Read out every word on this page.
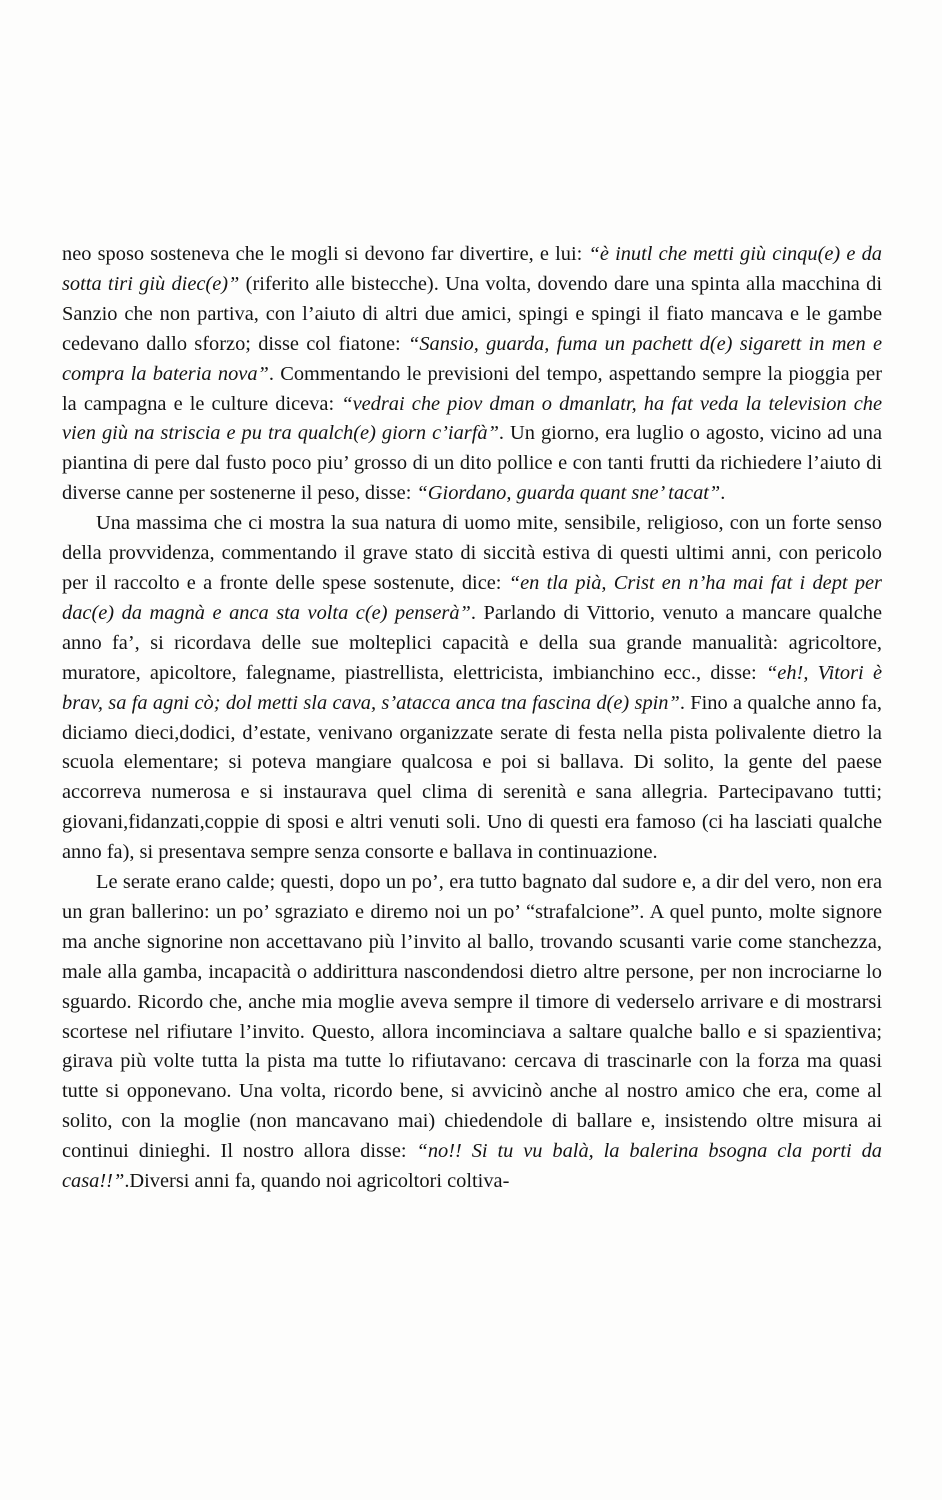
neo sposo sosteneva che le mogli si devono far divertire, e lui: “è inutl che metti giù cinqu(e) e da sotta tiri giù diec(e)” (riferito alle bistecche). Una volta, dovendo dare una spinta alla macchina di Sanzio che non partiva, con l’aiuto di altri due amici, spingi e spingi il fiato mancava e le gambe cedevano dallo sforzo; disse col fiatone: “Sansio, guarda, fuma un pachett d(e) sigarett in men e compra la bateria nova”. Commentando le previsioni del tempo, aspettando sempre la pioggia per la campagna e le culture diceva: “vedrai che piov dman o dmanlatr, ha fat veda la television che vien giù na striscia e pu tra qualch(e) giorn c’iarfà”. Un giorno, era luglio o agosto, vicino ad una piantina di pere dal fusto poco piu’ grosso di un dito pollice e con tanti frutti da richiedere l’aiuto di diverse canne per sostenerne il peso, disse: “Giordano, guarda quant sne’ tacat”.

Una massima che ci mostra la sua natura di uomo mite, sensibile, religioso, con un forte senso della provvidenza, commentando il grave stato di siccità estiva di questi ultimi anni, con pericolo per il raccolto e a fronte delle spese sostenute, dice: “en tla pià, Crist en n’ha mai fat i dept per dac(e) da magnà e anca sta volta c(e) penserà”. Parlando di Vittorio, venuto a mancare qualche anno fa’, si ricordava delle sue molteplici capacità e della sua grande manualità: agricoltore, muratore, apicoltore, falegname, piastrellista, elettricista, imbianchino ecc., disse: “eh!, Vitori è brav, sa fa agni cò; dol metti sla cava, s’atacca anca tna fascina d(e) spin”. Fino a qualche anno fa, diciamo dieci,dodici, d’estate, venivano organizzate serate di festa nella pista polivalente dietro la scuola elementare; si poteva mangiare qualcosa e poi si ballava. Di solito, la gente del paese accorreva numerosa e si instaurava quel clima di serenità e sana allegria. Partecipavano tutti; giovani,fidanzati,coppie di sposi e altri venuti soli. Uno di questi era famoso (ci ha lasciati qualche anno fa), si presentava sempre senza consorte e ballava in continuazione.

Le serate erano calde; questi, dopo un po’, era tutto bagnato dal sudore e, a dir del vero, non era un gran ballerino: un po’ sgraziato e diremo noi un po’ “strafalcione”. A quel punto, molte signore ma anche signorine non accettavano più l’invito al ballo, trovando scusanti varie come stanchezza, male alla gamba, incapacità o addirittura nascondendosi dietro altre persone, per non incrociarne lo sguardo. Ricordo che, anche mia moglie aveva sempre il timore di vederselo arrivare e di mostrarsi scortese nel rifiutare l’invito. Questo, allora incominciava a saltare qualche ballo e si spazientiva; girava più volte tutta la pista ma tutte lo rifiutavano: cercava di trascinarle con la forza ma quasi tutte si opponevano. Una volta, ricordo bene, si avvicinò anche al nostro amico che era, come al solito, con la moglie (non mancavano mai) chiedendole di ballare e, insistendo oltre misura ai continui dinieghi. Il nostro allora disse: “no!! Si tu vu balà, la balerina bsogna cla porti da casa!!”.Diversi anni fa, quando noi agricoltori coltiva-
